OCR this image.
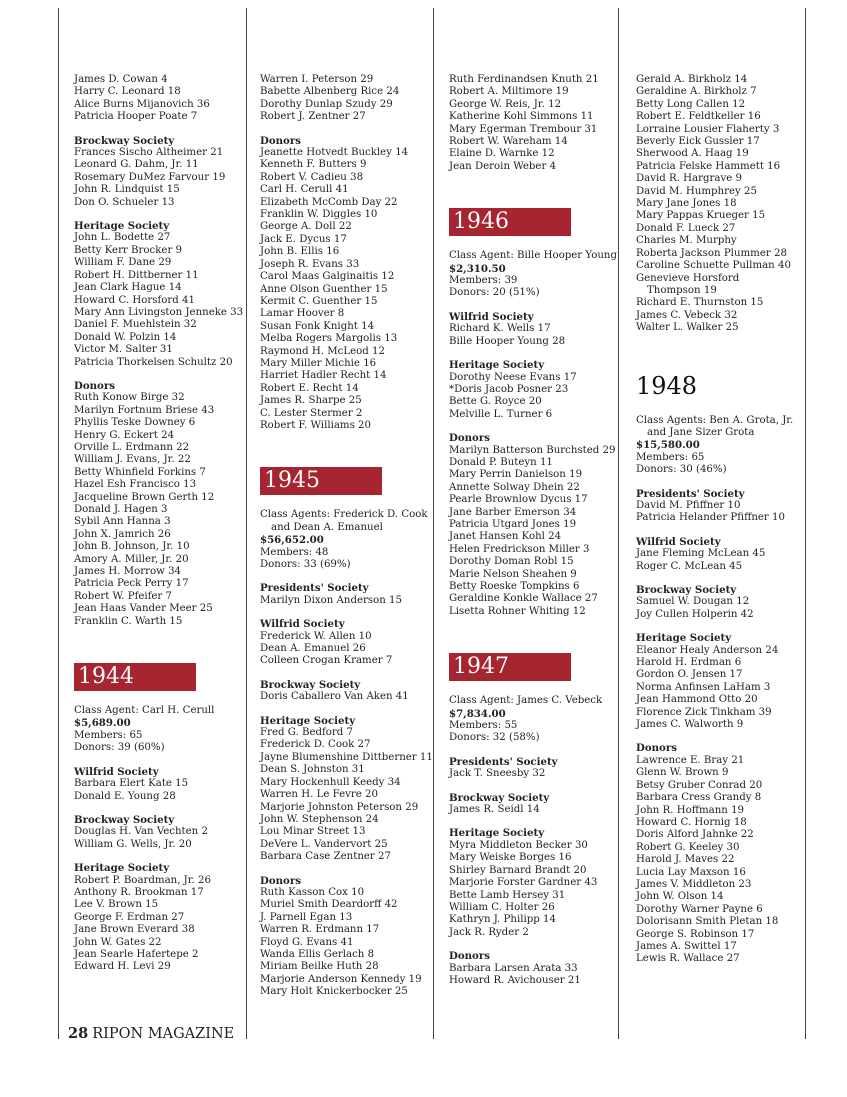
James D. Cowan 4
Harry C. Leonard 18
Alice Burns Mijanovich 36
Patricia Hooper Poate 7
Brockway Society
Frances Sischo Altheimer 21
Leonard G. Dahm, Jr. 11
Rosemary DuMez Farvour 19
John R. Lindquist 15
Don O. Schueler 13
Heritage Society
John L. Bodette 27
Betty Kerr Brocker 9
William F. Dane 29
Robert H. Dittberner 11
Jean Clark Hague 14
Howard C. Horsford 41
Mary Ann Livingston Jenneke 33
Daniel F. Muehlstein 32
Donald W. Polzin 14
Victor M. Salter 31
Patricia Thorkelsen Schultz 20
Donors
Ruth Konow Birge 32
Marilyn Fortnum Briese 43
Phyllis Teske Downey 6
Henry G. Eckert 24
Orville L. Erdmann 22
William J. Evans, Jr. 22
Betty Whinfield Forkins 7
Hazel Esh Francisco 13
Jacqueline Brown Gerth 12
Donald J. Hagen 3
Sybil Ann Hanna 3
John X. Jamrich 26
John B. Johnson, Jr. 10
Amory A. Miller, Jr. 20
James H. Morrow 34
Patricia Peck Perry 17
Robert W. Pfeifer 7
Jean Haas Vander Meer 25
Franklin C. Warth 15
1944
Class Agent: Carl H. Cerull
$5,689.00
Members: 65
Donors: 39 (60%)
Wilfrid Society
Barbara Elert Kate 15
Donald E. Young 28
Brockway Society
Douglas H. Van Vechten 2
William G. Wells, Jr. 20
Heritage Society
Robert P. Boardman, Jr. 26
Anthony R. Brookman 17
Lee V. Brown 15
George F. Erdman 27
Jane Brown Everard 38
John W. Gates 22
Jean Searle Hafertepe 2
Edward H. Levi 29
Warren I. Peterson 29
Babette Albenberg Rice 24
Dorothy Dunlap Szudy 29
Robert J. Zentner 27
Donors
Jeanette Hotvedt Buckley 14
Kenneth F. Butters 9
Robert V. Cadieu 38
Carl H. Cerull 41
Elizabeth McComb Day 22
Franklin W. Diggles 10
George A. Doll 22
Jack E. Dycus 17
John B. Ellis 16
Joseph R. Evans 33
Carol Maas Galginaitis 12
Anne Olson Guenther 15
Kermit C. Guenther 15
Lamar Hoover 8
Susan Fonk Knight 14
Melba Rogers Margolis 13
Raymond H. McLeod 12
Mary Miller Michie 16
Harriet Hadler Recht 14
Robert E. Recht 14
James R. Sharpe 25
C. Lester Stermer 2
Robert F. Williams 20
1945
Class Agents: Frederick D. Cook
and Dean A. Emanuel
$56,652.00
Members: 48
Donors: 33 (69%)
Presidents' Society
Marilyn Dixon Anderson 15
Wilfrid Society
Frederick W. Allen 10
Dean A. Emanuel 26
Colleen Crogan Kramer 7
Brockway Society
Doris Caballero Van Aken 41
Heritage Society
Fred G. Bedford 7
Frederick D. Cook 27
Jayne Blumenshine Dittberner 11
Dean S. Johnston 31
Mary Hockenhull Keedy 34
Warren H. Le Fevre 20
Marjorie Johnston Peterson 29
John W. Stephenson 24
Lou Minar Street 13
DeVere L. Vandervort 25
Barbara Case Zentner 27
Donors
Ruth Kasson Cox 10
Muriel Smith Deardorff 42
J. Parnell Egan 13
Warren R. Erdmann 17
Floyd G. Evans 41
Wanda Ellis Gerlach 8
Miriam Beilke Huth 28
Marjorie Anderson Kennedy 19
Mary Holt Knickerbocker 25
Ruth Ferdinandsen Knuth 21
Robert A. Miltimore 19
George W. Reis, Jr. 12
Katherine Kohl Simmons 11
Mary Egerman Trembour 31
Robert W. Wareham 14
Elaine D. Warnke 12
Jean Deroin Weber 4
1946
Class Agent: Bille Hooper Young
$2,310.50
Members: 39
Donors: 20 (51%)
Wilfrid Society
Richard K. Wells 17
Bille Hooper Young 28
Heritage Society
Dorothy Neese Evans 17
*Doris Jacob Posner 23
Bette G. Royce 20
Melville L. Turner 6
Donors
Marilyn Batterson Burchsted 29
Donald P. Buteyn 11
Mary Perrin Danielson 19
Annette Solway Dhein 22
Pearle Brownlow Dycus 17
Jane Barber Emerson 34
Patricia Utgard Jones 19
Janet Hansen Kohl 24
Helen Fredrickson Miller 3
Dorothy Doman Robl 15
Marie Nelson Sheahen 9
Betty Roeske Tompkins 6
Geraldine Konkle Wallace 27
Lisetta Rohner Whiting 12
1947
Class Agent: James C. Vebeck
$7,834.00
Members: 55
Donors: 32 (58%)
Presidents' Society
Jack T. Sneesby 32
Brockway Society
James R. Seidl 14
Heritage Society
Myra Middleton Becker 30
Mary Weiske Borges 16
Shirley Barnard Brandt 20
Marjorie Forster Gardner 43
Bette Lamb Hersey 31
William C. Holter 26
Kathryn J. Philipp 14
Jack R. Ryder 2
Donors
Barbara Larsen Arata 33
Howard R. Avichouser 21
Gerald A. Birkholz 14
Geraldine A. Birkholz 7
Betty Long Callen 12
Robert E. Feldtkeller 16
Lorraine Lousier Flaherty 3
Beverly Eick Gussler 17
Sherwood A. Haag 19
Patricia Felske Hammett 16
David R. Hargrave 9
David M. Humphrey 25
Mary Jane Jones 18
Mary Pappas Krueger 15
Donald F. Lueck 27
Charles M. Murphy
Roberta Jackson Plummer 28
Caroline Schuette Pullman 40
Genevieve Horsford
Thompson 19
Richard E. Thurnston 15
James C. Vebeck 32
Walter L. Walker 25
1948
Class Agents: Ben A. Grota, Jr.
and Jane Sizer Grota
$15,580.00
Members: 65
Donors: 30 (46%)
Presidents' Society
David M. Pfiffner 10
Patricia Helander Pfiffner 10
Wilfrid Society
Jane Fleming McLean 45
Roger C. McLean 45
Brockway Society
Samuel W. Dougan 12
Joy Cullen Holperin 42
Heritage Society
Eleanor Healy Anderson 24
Harold H. Erdman 6
Gordon O. Jensen 17
Norma Anfinsen LaHam 3
Jean Hammond Otto 20
Florence Zick Tinkham 39
James C. Walworth 9
Donors
Lawrence E. Bray 21
Glenn W. Brown 9
Betsy Gruber Conrad 20
Barbara Cress Grandy 8
John R. Hoffmann 19
Howard C. Hornig 18
Doris Alford Jahnke 22
Robert G. Keeley 30
Harold J. Maves 22
Lucia Lay Maxson 16
James V. Middleton 23
John W. Olson 14
Dorothy Warner Payne 6
Dolorisann Smith Pletan 18
George S. Robinson 17
James A. Swittel 17
Lewis R. Wallace 27
28 RIPON MAGAZINE
